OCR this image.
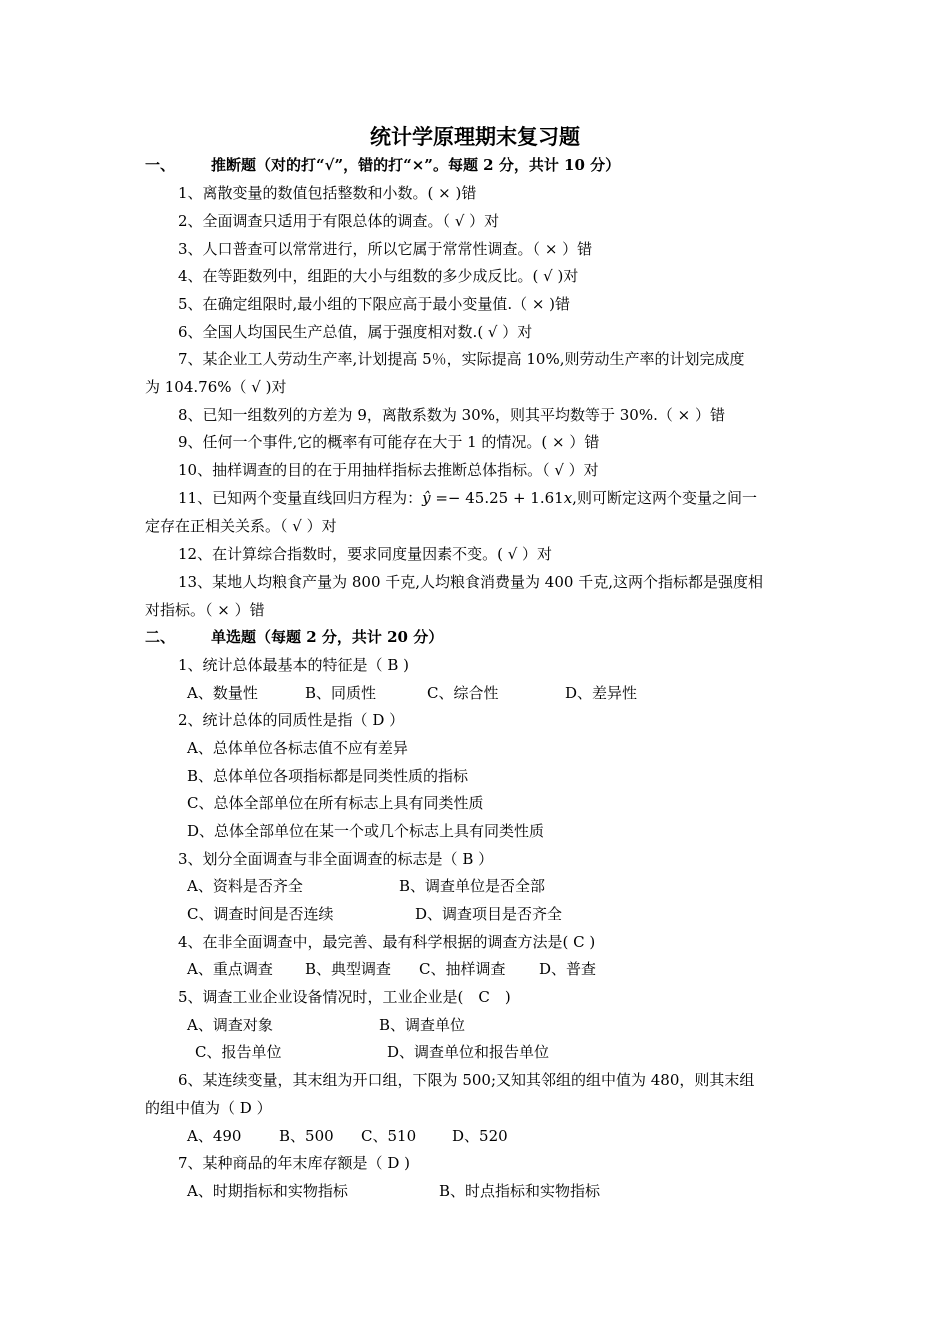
统计学原理期末复习题
一、 推断题（对的打“√”，错的打“×”。每题 2 分，共计 10 分）
1、离散变量的数值包括整数和小数。( × )错
2、全面调查只适用于有限总体的调查。（ √ ）对
3、人口普查可以常常进行，所以它属于常常性调查。（ × ）错
4、在等距数列中，组距的大小与组数的多少成反比。( √ )对
5、在确定组限时,最小组的下限应高于最小变量值.（ × )错
6、全国人均国民生产总值，属于强度相对数.( √ ）对
7、某企业工人劳动生产率,计划提高 5％，实际提高 10%,则劳动生产率的计划完成度
为 104.76%（ √ )对
8、已知一组数列的方差为 9，离散系数为 30%，则其平均数等于 30%.（ × ）错
9、任何一个事件,它的概率有可能存在大于 1 的情况。( × ）错
10、抽样调查的目的在于用抽样指标去推断总体指标。（ √ ）对
11、已知两个变量直线回归方程为：ŷ =− 45.25 + 1.61x,则可断定这两个变量之间一
定存在正相关关系。（ √ ）对
12、在计算综合指数时，要求同度量因素不变。( √ ）对
13、某地人均粮食产量为 800 千克,人均粮食消费量为 400 千克,这两个指标都是强度相
对指标。（ × ）错
二、 单选题（每题 2 分，共计 20 分）
1、统计总体最基本的特征是（ B )
A、数量性	B、同质性	C、综合性	D、差异性
2、统计总体的同质性是指（ D ）
A、总体单位各标志值不应有差异
B、总体单位各项指标都是同类性质的指标
C、总体全部单位在所有标志上具有同类性质
D、总体全部单位在某一个或几个标志上具有同类性质
3、划分全面调查与非全面调查的标志是（ B ）
A、资料是否齐全	B、调查单位是否全部
C、调查时间是否连续	D、调查项目是否齐全
4、在非全面调查中，最完善、最有科学根据的调查方法是( C )
A、重点调查 B、典型调查 C、抽样调查 D、普查
5、调查工业企业设备情况时，工业企业是(　C　)
A、调查对象	B、调查单位
C、报告单位	D、调查单位和报告单位
6、某连续变量，其末组为开口组，下限为 500;又知其邻组的组中值为 480，则其末组
的组中值为（ D ）
A、490	B、500 C、510 D、520
7、某种商品的年末库存额是（ D )
A、时期指标和实物指标	B、时点指标和实物指标
